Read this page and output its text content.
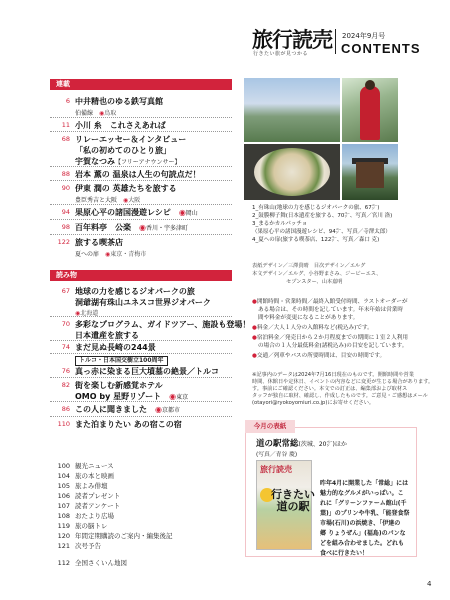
旅行読売
行きたい旅が見つかる
2024年9月号
CONTENTS
連載
6 中井精也のゆる鉄写真館
伯備線　 ◉鳥取
11 小川 糸　これさえあれば
68 リレーエッセー＆インタビュー
「私の初めてのひとり旅」
宇賀なつみ【フリーアナウンサー】
88 岩本 薫の 温泉は人生の句読点だ！
90 伊東 潤の 英雄たちを旅する
豊臣秀吉と大阪　 ◉大阪
94 果原心平の諸国漫遊レシピ　 ◉岡山
98 百年料亭　公楽　 ◉香川・宇多津町
122 旅する喫茶店
夏への扉　 ◉東京・青梅市
読み物
67 地球の力を感じるジオパークの旅
洞爺湖有珠山ユネスコ世界ジオパーク
◉北海道
70 多彩なプログラム、ガイドツアー、施設も登場！
日本遺産を旅する
74 まだ見ぬ長崎の244景
76
トルコ・日本国交樹立100周年
真っ赤に染まる巨大墳墓の絶景／トルコ
82 街を楽しむ新感覚ホテル
OMO by 星野リゾート　 ◉東京
86 この人に聞きました　 ◉京都市
110 また泊まりたい あの宿この宿
100 観光ニュース
104 旅の本と映画
105 旅よみ俳壇
106 読者プレゼント
107 読者アンケート
108 おたより広場
119 旅の脳トレ
120 年間定期購読のご案内・編集後記
121 次号予告
112 全国さくいん地図
1_有珠山(地球の力を感じるジオパークの旅、67㌻)
2_鼓膜柳子舞(日本遺産を旅する、70㌻、写真／宮川 洛)
3_まるかカルパッチョ
（果原心平の諸国漫遊レシピ、94㌻、写真／寺澤太郎）
4_夏への扉(旅する喫茶店、122㌻、写真／森口 克)
表紙デザイン／三澤貴晴　目次デザイン／エルグ
本文デザイン／エルグ、小谷野まさみ、ジービーエス、
セプンスター、山本嘉明
●開館時間・営業時間／最終入館受付時間、ラストオーダーが
ある場合は、その時間を記しています。年末年始は営業時
間や料金が変更になることがあります。
●料金／大人１人分の入館料など(税込み)です。
●宿泊料金／発売日から２か月程度までの期間に１室２人利用
の場合の１人分最低料金(諸税込み)の目安を記しています。
●交通／列車やバスの所要時間は、目安の時間です。
※記事内のデータは2024年7月16日現在のものです。開館時間や営業
時間、休館日や定休日、イベントの内容などに変更が生じる場合があります。
す。事前にご確認ください。本文での訂正は、編集部および取材ス
タッフが独自に取材、確認し、作成したものです。ご意見・ご感想はメール
(otayori@ryokoyomiuri.co.jp)にお寄せください。
今月の表紙
道の駅常総(茨城、20㌻)ほか
(写真／青谷 慶)
旅行読売
行きたい
道の駅
昨年4月に開業した「常総」には
魅力的なグルメがいっぱい。こ
れに「グリーンファーム館山(千
葉)」のプリンや牛乳、「能登食祭
市場(石川)の浜焼き、「伊達の
郷 りょうぜん」(福島)のパンな
どを組み合わせました。どれも
食べに行きたい！
4
